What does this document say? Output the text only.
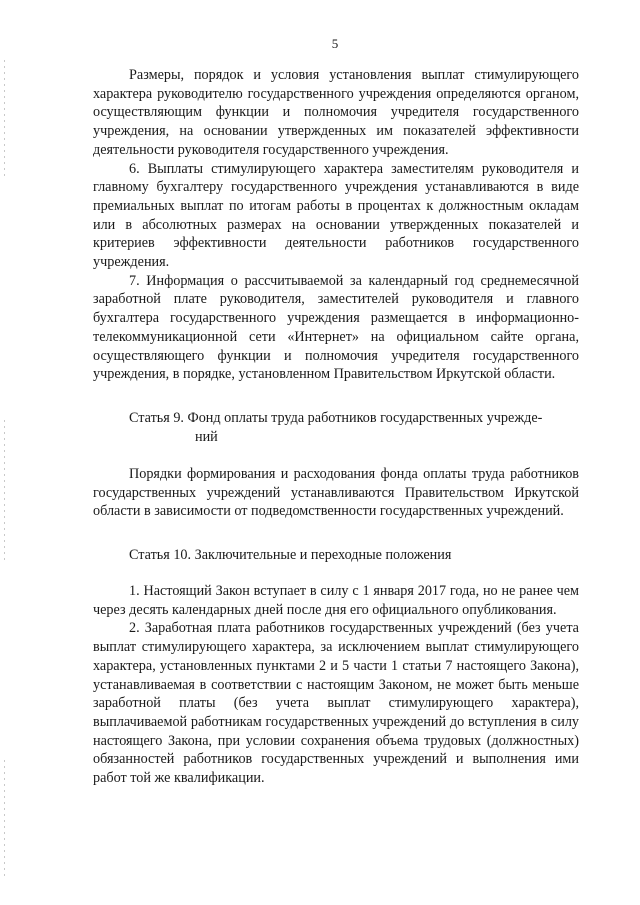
5

Размеры, порядок и условия установления выплат стимулирующего характера руководителю государственного учреждения определяются органом, осуществляющим функции и полномочия учредителя государственного учреждения, на основании утвержденных им показателей эффективности деятельности руководителя государственного учреждения.

6. Выплаты стимулирующего характера заместителям руководителя и главному бухгалтеру государственного учреждения устанавливаются в виде премиальных выплат по итогам работы в процентах к должностным окладам или в абсолютных размерах на основании утвержденных показателей и критериев эффективности деятельности работников государственного учреждения.

7. Информация о рассчитываемой за календарный год среднемесячной заработной плате руководителя, заместителей руководителя и главного бухгалтера государственного учреждения размещается в информационно-телекоммуникационной сети «Интернет» на официальном сайте органа, осуществляющего функции и полномочия учредителя государственного учреждения, в порядке, установленном Правительством Иркутской области.

Статья 9. Фонд оплаты труда работников государственных учрежде-
ний

Порядки формирования и расходования фонда оплаты труда работников государственных учреждений устанавливаются Правительством Иркутской области в зависимости от подведомственности государственных учреждений.

Статья 10. Заключительные и переходные положения

1. Настоящий Закон вступает в силу с 1 января 2017 года, но не ранее чем через десять календарных дней после дня его официального опубликования.

2. Заработная плата работников государственных учреждений (без учета выплат стимулирующего характера, за исключением выплат стимулирующего характера, установленных пунктами 2 и 5 части 1 статьи 7 настоящего Закона), устанавливаемая в соответствии с настоящим Законом, не может быть меньше заработной платы (без учета выплат стимулирующего характера), выплачиваемой работникам государственных учреждений до вступления в силу настоящего Закона, при условии сохранения объема трудовых (должностных) обязанностей работников государственных учреждений и выполнения ими работ той же квалификации.
